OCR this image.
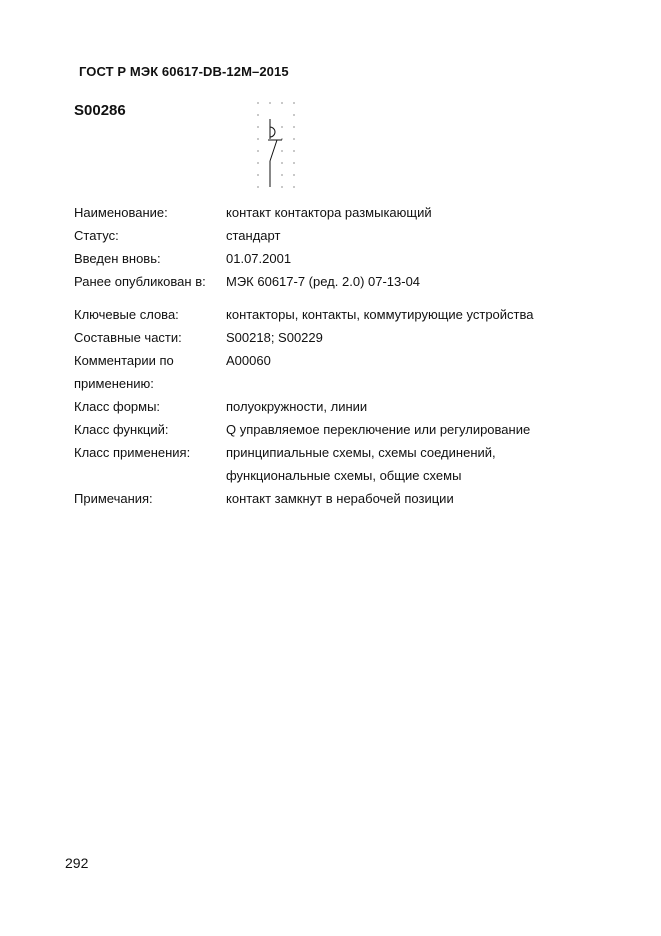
ГОСТ Р МЭК 60617-DB-12M–2015
S00286
Наименование:	контакт контактора размыкающий
Статус:	стандарт
Введен вновь:	01.07.2001
Ранее опубликован в:	МЭК 60617-7 (ред. 2.0) 07-13-04
Ключевые слова:	контакторы, контакты, коммутирующие устройства
Составные части:	S00218; S00229
Комментарии по	A00060
применению:
Класс формы:	полуокружности, линии
Класс функций:	Q управляемое переключение или регулирование
Класс применения:	принципиальные схемы, схемы соединений,
функциональные схемы, общие схемы
Примечания:	контакт замкнут в нерабочей позиции
292
